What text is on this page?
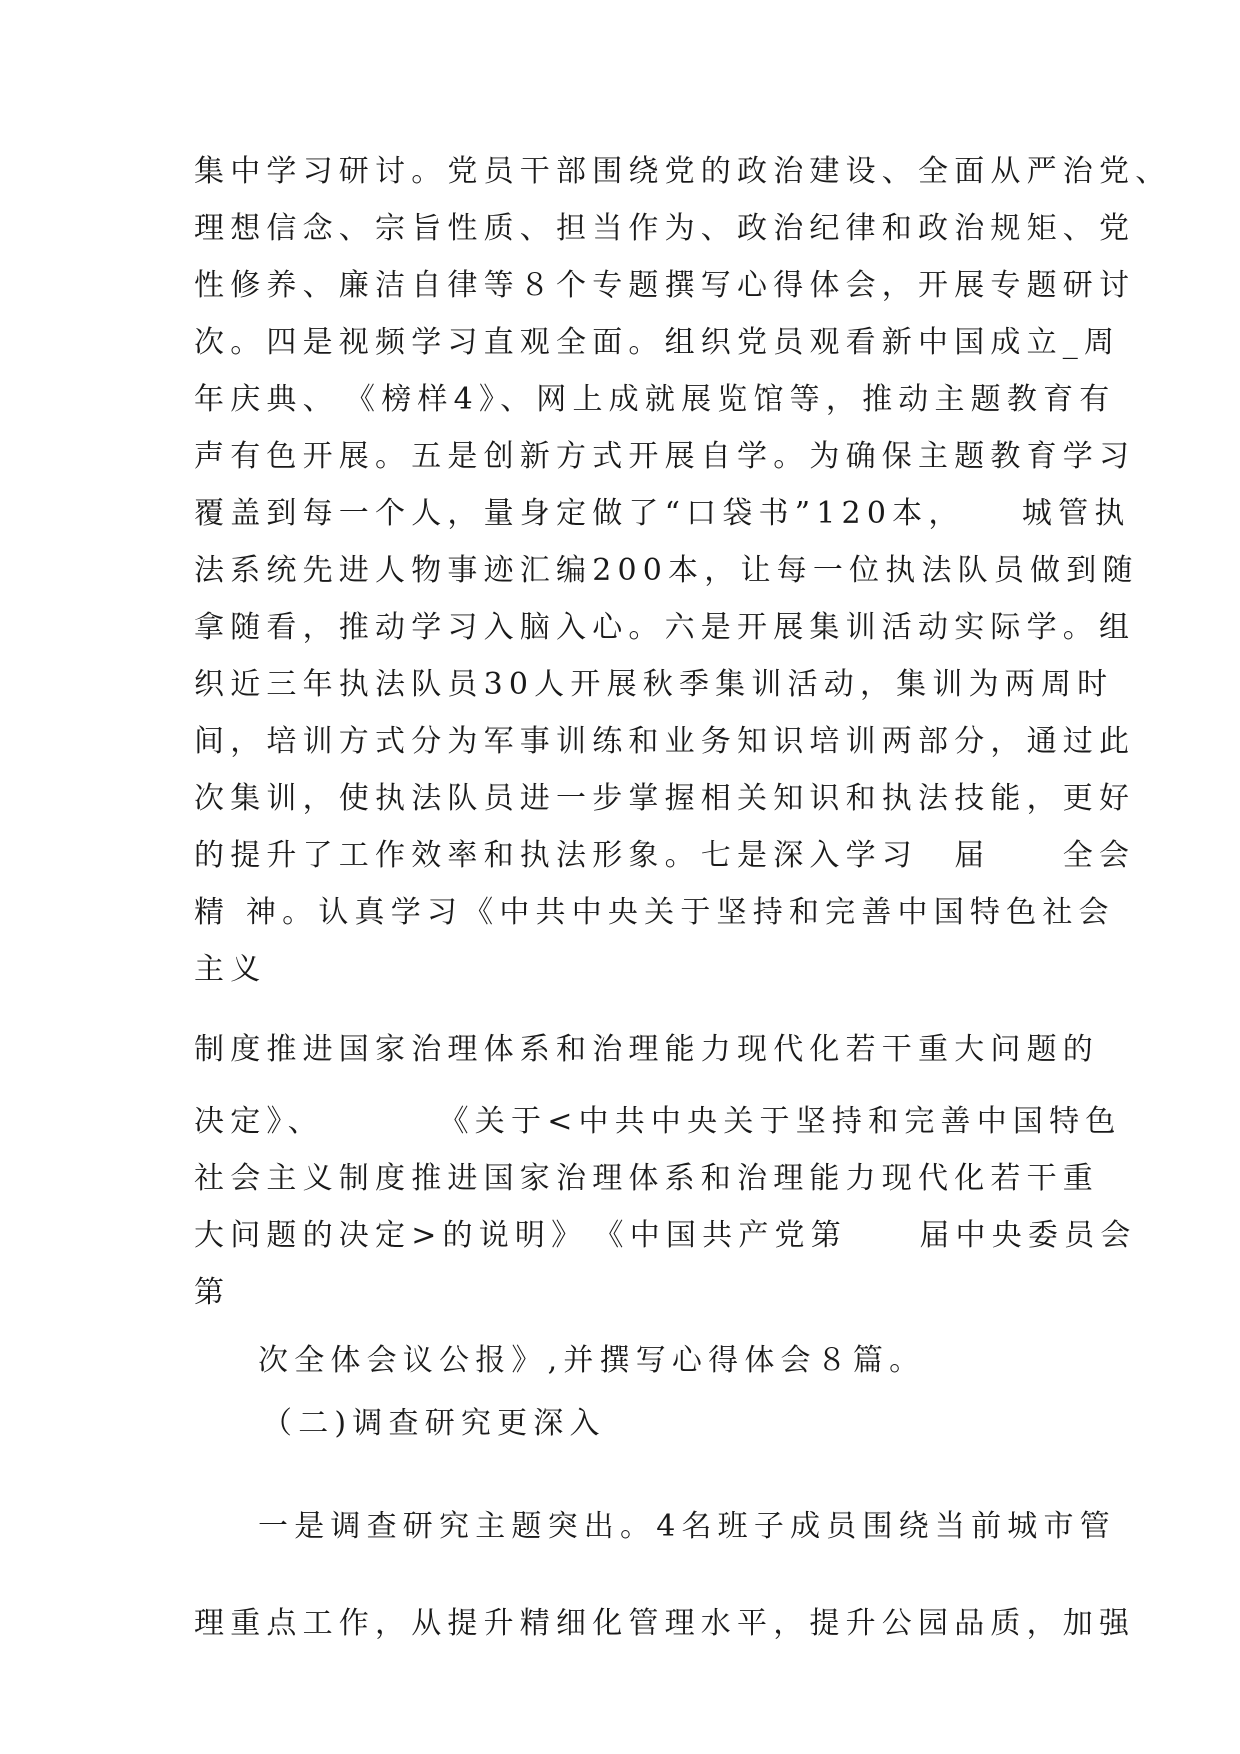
集中学习研讨。党员干部围绕党的政治建设、全面从严治党、
理想信念、宗旨性质、担当作为、政治纪律和政治规矩、党
性修养、廉洁自律等８个专题撰写心得体会，开展专题研讨
次。四是视频学习直观全面。组织党员观看新中国成立_周
年庆典、　《榜样4》、网上成就展览馆等，推动主题教育有
声有色开展。五是创新方式开展自学。为确保主题教育学习
覆盖到每一个人，量身定做了“口袋书”120本，　　城管执
法系统先进人物事迹汇编200本，让每一位执法队员做到随
拿随看，推动学习入脑入心。六是开展集训活动实际学。组
织近三年执法队员30人开展秋季集训活动，集训为两周时
间，培训方式分为军事训练和业务知识培训两部分，通过此
次集训，使执法队员进一步掌握相关知识和执法技能，更好
的提升了工作效率和执法形象。七是深入学习　届　　全会
精 神。认真学习《中共中央关于坚持和完善中国特色社会
主义
制度推进国家治理体系和治理能力现代化若干重大问题的
决定》、　　　　《关于<中共中央关于坚持和完善中国特色
社会主义制度推进国家治理体系和治理能力现代化若干重
大问题的决定>的说明》　《中国共产党第　　届中央委员会
第
次全体会议公报》,并撰写心得体会８篇。
（二)调查研究更深入
一是调查研究主题突出。4名班子成员围绕当前城市管
理重点工作，从提升精细化管理水平，提升公园品质，加强
